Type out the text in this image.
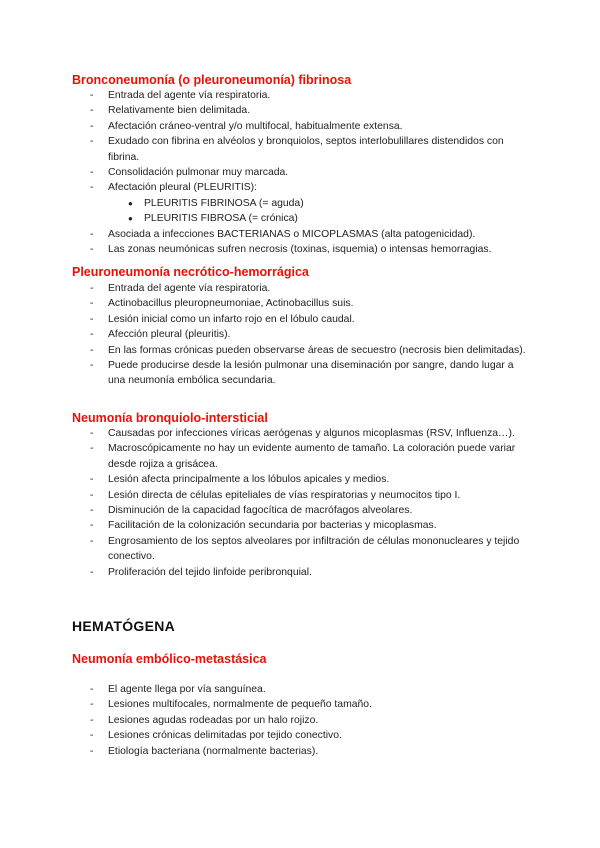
Bronconeumonía (o pleuroneumonía) fibrinosa
- Entrada del agente vía respiratoria.
- Relativamente bien delimitada.
- Afectación cráneo-ventral y/o multifocal, habitualmente extensa.
- Exudado con fibrina en alvéolos y bronquiolos, septos interlobulillares distendidos con fibrina.
- Consolidación pulmonar muy marcada.
- Afectación pleural (PLEURITIS):
● PLEURITIS FIBRINOSA (= aguda)
● PLEURITIS FIBROSA (= crónica)
- Asociada a infecciones BACTERIANAS o MICOPLASMAS (alta patogenicidad).
- Las zonas neumónicas sufren necrosis (toxinas, isquemia) o intensas hemorragias.
Pleuroneumonía necrótico-hemorrágica
- Entrada del agente vía respiratoria.
- Actinobacillus pleuropneumoniae, Actinobacillus suis.
- Lesión inicial como un infarto rojo en el lóbulo caudal.
- Afección pleural (pleuritis).
- En las formas crónicas pueden observarse áreas de secuestro (necrosis bien delimitadas).
- Puede producirse desde la lesión pulmonar una diseminación por sangre, dando lugar a una neumonía embólica secundaria.
Neumonía bronquiolo-intersticial
- Causadas por infecciones víricas aerógenas y algunos micoplasmas (RSV, Influenza…).
- Macroscópicamente no hay un evidente aumento de tamaño. La coloración puede variar desde rojiza a grisácea.
- Lesión afecta principalmente a los lóbulos apicales y medios.
- Lesión directa de células epiteliales de vías respiratorias y neumocitos tipo I.
- Disminución de la capacidad fagocítica de macrófagos alveolares.
- Facilitación de la colonización secundaria por bacterias y micoplasmas.
- Engrosamiento de los septos alveolares por infiltración de células mononucleares y tejido conectivo.
- Proliferación del tejido linfoide peribronquial.
HEMATÓGENA
Neumonía embólico-metastásica
- El agente llega por vía sanguínea.
- Lesiones multifocales, normalmente de pequeño tamaño.
- Lesiones agudas rodeadas por un halo rojizo.
- Lesiones crónicas delimitadas por tejido conectivo.
- Etiología bacteriana (normalmente bacterias).
